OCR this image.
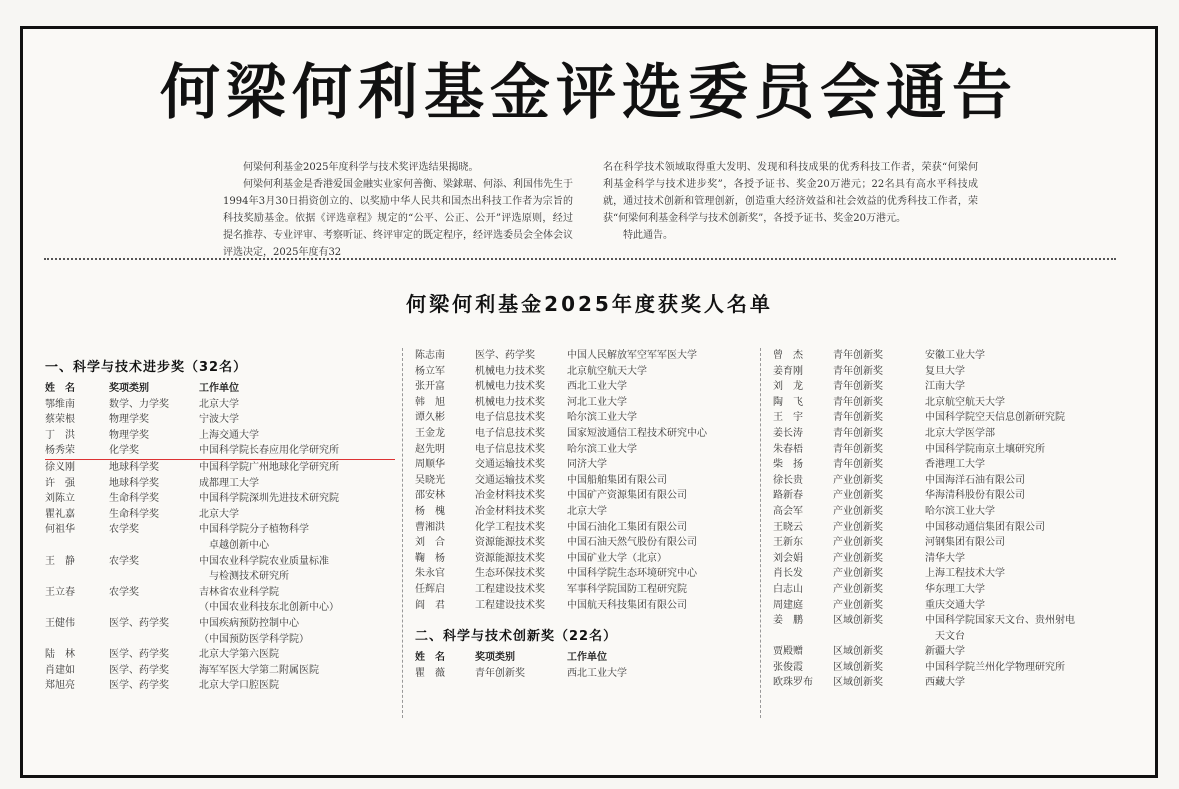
何梁何利基金评选委员会通告

何梁何利基金2025年度科学与技术奖评选结果揭晓。

何梁何利基金是香港爱国金融实业家何善衡、梁銶琚、何添、利国伟先生于1994年3月30日捐资创立的、以奖励中华人民共和国杰出科技工作者为宗旨的科技奖励基金。依据《评选章程》规定的“公平、公正、公开”评选原则，经过提名推荐、专业评审、考察听证、终评审定的既定程序，经评选委员会全体会议评选决定，2025年度有32

名在科学技术领域取得重大发明、发现和科技成果的优秀科技工作者，荣获“何梁何利基金科学与技术进步奖”，各授予证书、奖金20万港元；22名具有高水平科技成就，通过技术创新和管理创新，创造重大经济效益和社会效益的优秀科技工作者，荣获“何梁何利基金科学与技术创新奖”，各授予证书、奖金20万港元。

特此通告。

何梁何利基金2025年度获奖人名单
一、科学与技术进步奖（32名）
姓　名	奖项类别	工作单位
鄂维南	数学、力学奖	北京大学
蔡荣根	物理学奖	宁波大学
丁　洪	物理学奖	上海交通大学
杨秀荣	化学奖	中国科学院长春应用化学研究所
徐义刚	地球科学奖	中国科学院广州地球化学研究所
许　强	地球科学奖	成都理工大学
刘陈立	生命科学奖	中国科学院深圳先进技术研究院
瞿礼嘉	生命科学奖	北京大学
何祖华	农学奖	中国科学院分子植物科学
　卓越创新中心
王　静	农学奖	中国农业科学院农业质量标准
　与检测技术研究所
王立春	农学奖	吉林省农业科学院
（中国农业科技东北创新中心）
王健伟	医学、药学奖	中国疾病预防控制中心
（中国预防医学科学院）
陆　林	医学、药学奖	北京大学第六医院
肖建如	医学、药学奖	海军军医大学第二附属医院
郑旭亮	医学、药学奖	北京大学口腔医院
陈志南	医学、药学奖	中国人民解放军空军军医大学
杨立军	机械电力技术奖	北京航空航天大学
张开富	机械电力技术奖	西北工业大学
韩　旭	机械电力技术奖	河北工业大学
谭久彬	电子信息技术奖	哈尔滨工业大学
王金龙	电子信息技术奖	国家短波通信工程技术研究中心
赵先明	电子信息技术奖	哈尔滨工业大学
周顺华	交通运输技术奖	同济大学
吴晓光	交通运输技术奖	中国船舶集团有限公司
邵安林	冶金材料技术奖	中国矿产资源集团有限公司
杨　槐	冶金材料技术奖	北京大学
曹湘洪	化学工程技术奖	中国石油化工集团有限公司
刘　合	资源能源技术奖	中国石油天然气股份有限公司
鞠　杨	资源能源技术奖	中国矿业大学（北京）
朱永官	生态环保技术奖	中国科学院生态环境研究中心
任辉启	工程建设技术奖	军事科学院国防工程研究院
阎　君	工程建设技术奖	中国航天科技集团有限公司
二、科学与技术创新奖（22名）
姓　名	奖项类别	工作单位
瞿　薇	青年创新奖	西北工业大学
曾　杰	青年创新奖	安徽工业大学
姜育刚	青年创新奖	复旦大学
刘　龙	青年创新奖	江南大学
陶　飞	青年创新奖	北京航空航天大学
王　宇	青年创新奖	中国科学院空天信息创新研究院
姜长涛	青年创新奖	北京大学医学部
朱春梧	青年创新奖	中国科学院南京土壤研究所
柴　扬	青年创新奖	香港理工大学
徐长贵	产业创新奖	中国海洋石油有限公司
路新春	产业创新奖	华海清科股份有限公司
高会军	产业创新奖	哈尔滨工业大学
王晓云	产业创新奖	中国移动通信集团有限公司
王新东	产业创新奖	河钢集团有限公司
刘会娟	产业创新奖	清华大学
肖长发	产业创新奖	上海工程技术大学
白志山	产业创新奖	华东理工大学
周建庭	产业创新奖	重庆交通大学
姜　鹏	区域创新奖	中国科学院国家天文台、贵州射电
　天文台
贾殿赠	区域创新奖	新疆大学
张俊霞	区域创新奖	中国科学院兰州化学物理研究所
欧珠罗布	区域创新奖	西藏大学
